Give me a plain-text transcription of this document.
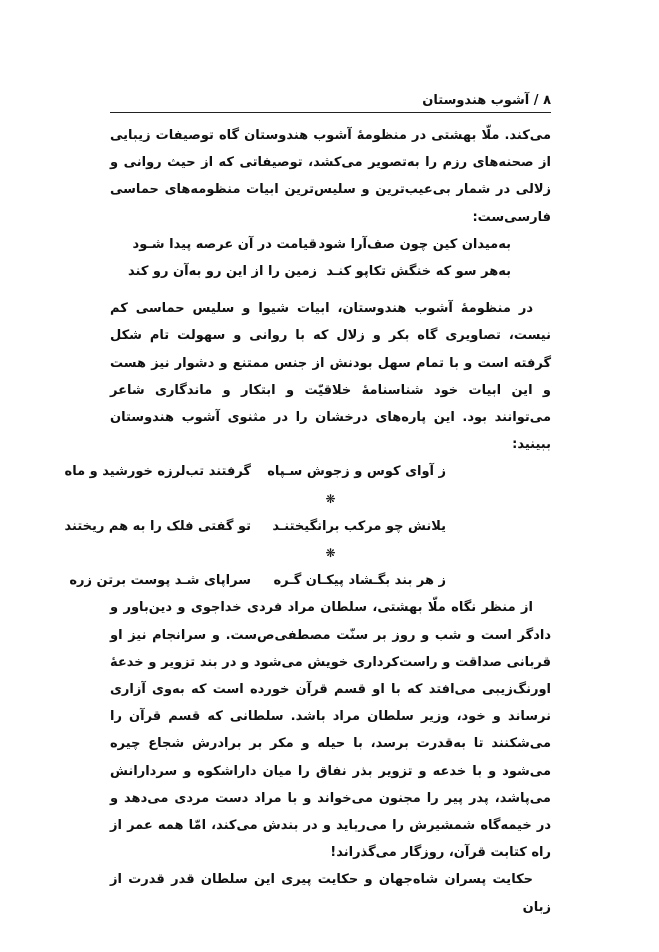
۸ / آشوب هندوستان

می‌کند. ملّا بهشتی در منظومهٔ آشوب هندوستان گاه توصیفات زیبایی از صحنه‌های رزم را به‌تصویر می‌کشد، توصیفاتی که از حیث روانی و زلالی در شمار بی‌عیب‌ترین و سلیس‌ترین ابیات منظومه‌های حماسی فارسی‌ست:

به‌میدان کین چون صف‌آرا شود
قیامت در آن عرصه پیدا شـود
به‌هر سو که خنگش تکاپو کنـد
زمین را از این رو به‌آن رو کند

در منظومهٔ آشوب هندوستان، ابیات شیوا و سلیس حماسی کم نیست، تصاویری گاه بکر و زلال که با روانی و سهولت تام شکل گرفته است و با تمام سهل بودنش از جنس ممتنع و دشوار نیز هست و این ابیات خود شناسنامهٔ خلاقیّت و ابتکار و ماندگاری شاعر می‌توانند بود. این پاره‌های درخشان را در مثنوی آشوب هندوستان ببینید:

ز آوای کوس و زجوش سـپاه
گرفتند تب‌لرزه خورشید و ماه
❋
یلانش چو مرکب برانگیختنـد
تو گفتی فلک را به هم ریختند
❋
ز هر بند بگـشاد پیکـان گـره
سراپای شـد پوست برتن زره

از منظر نگاه ملّا بهشتی، سلطان مراد فردی خداجوی و دین‌باور و دادگر است و شب و روز بر سنّت مصطفی‌ص‌ست. و سرانجام نیز او قربانی صداقت و راست‌کرداری خویش می‌شود و در بند تزویر و خدعهٔ اورنگ‌زیبی می‌افتد که با او قسم قرآن خورده است که به‌وی آزاری نرساند و خود، وزیر سلطان مراد باشد. سلطانی که قسم قرآن را می‌شکنند تا به‌قدرت برسد، با حیله و مکر بر برادرش شجاع چیره می‌شود و با خدعه و تزویر بذر نفاق را میان داراشکوه و سردارانش می‌پاشد، پدر پیر را مجنون می‌خواند و با مراد دست مردی می‌دهد و در خیمه‌گاه شمشیرش را می‌رباید و در بندش می‌کند، امّا همه عمر از راه کتابت قرآن، روزگار می‌گذراند!

حکایت پسران شاه‌جهان و حکایت پیری این سلطان قدر قدرت از زبان
